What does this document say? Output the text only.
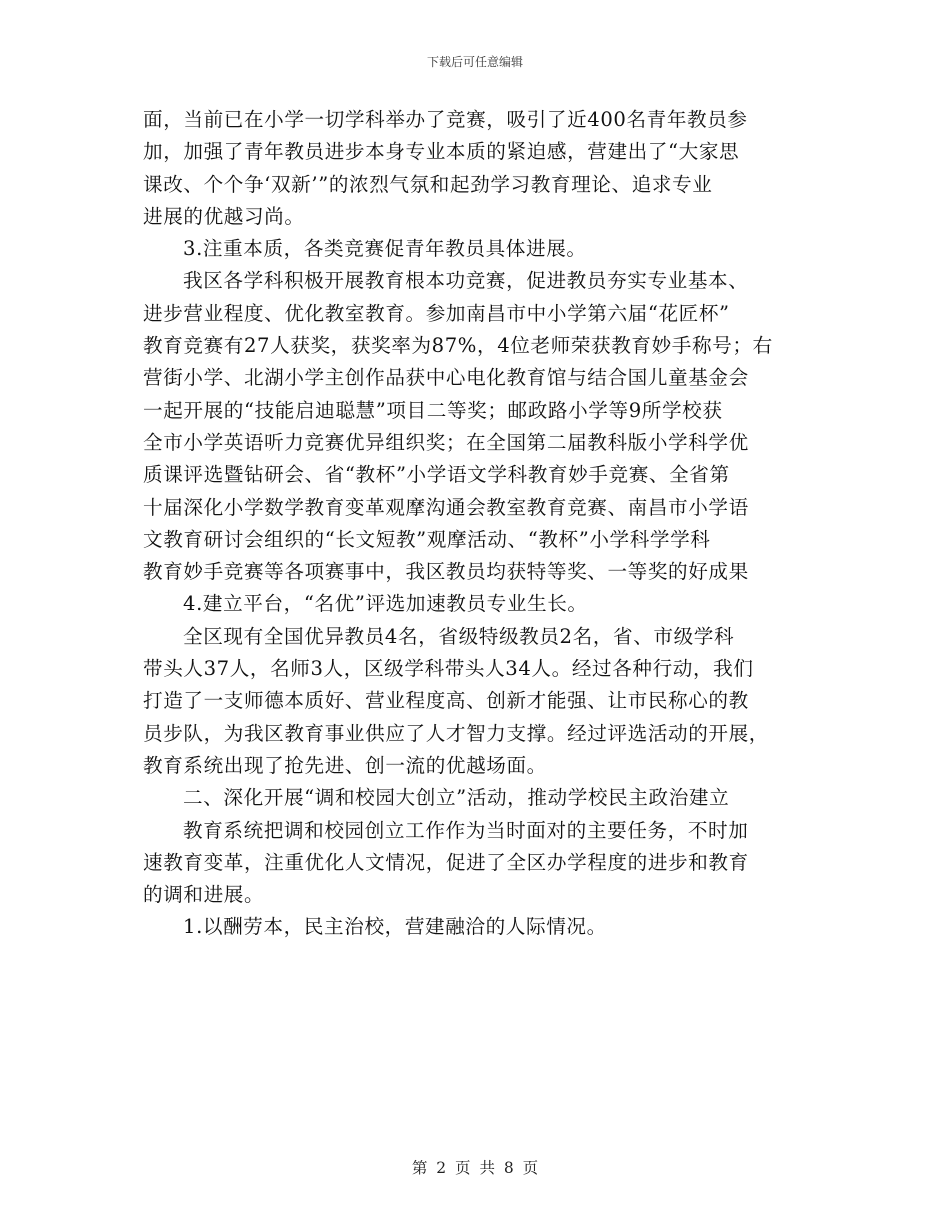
下载后可任意编辑
面，当前已在小学一切学科举办了竞赛，吸引了近400名青年教员参
加，加强了青年教员进步本身专业本质的紧迫感，营建出了“大家思
课改、个个争‘双新’”的浓烈气氛和起劲学习教育理论、追求专业
进展的优越习尚。
3.注重本质，各类竞赛促青年教员具体进展。
我区各学科积极开展教育根本功竞赛，促进教员夯实专业基本、
进步营业程度、优化教室教育。参加南昌市中小学第六届“花匠杯”
教育竞赛有27人获奖，获奖率为87%，4位老师荣获教育妙手称号；右
营街小学、北湖小学主创作品获中心电化教育馆与结合国儿童基金会
一起开展的“技能启迪聪慧”项目二等奖；邮政路小学等9所学校获
全市小学英语听力竞赛优异组织奖；在全国第二届教科版小学科学优
质课评选暨钻研会、省“教杯”小学语文学科教育妙手竞赛、全省第
十届深化小学数学教育变革观摩沟通会教室教育竞赛、南昌市小学语
文教育研讨会组织的“长文短教”观摩活动、“教杯”小学科学学科
教育妙手竞赛等各项赛事中，我区教员均获特等奖、一等奖的好成果
4.建立平台，“名优”评选加速教员专业生长。
全区现有全国优异教员4名，省级特级教员2名，省、市级学科
带头人37人，名师3人，区级学科带头人34人。经过各种行动，我们
打造了一支师德本质好、营业程度高、创新才能强、让市民称心的教
员步队，为我区教育事业供应了人才智力支撑。经过评选活动的开展，
教育系统出现了抢先进、创一流的优越场面。
二、深化开展“调和校园大创立”活动，推动学校民主政治建立
教育系统把调和校园创立工作作为当时面对的主要任务，不时加
速教育变革，注重优化人文情况，促进了全区办学程度的进步和教育
的调和进展。
1.以酬劳本，民主治校，营建融洽的人际情况。
第 2 页 共 8 页
